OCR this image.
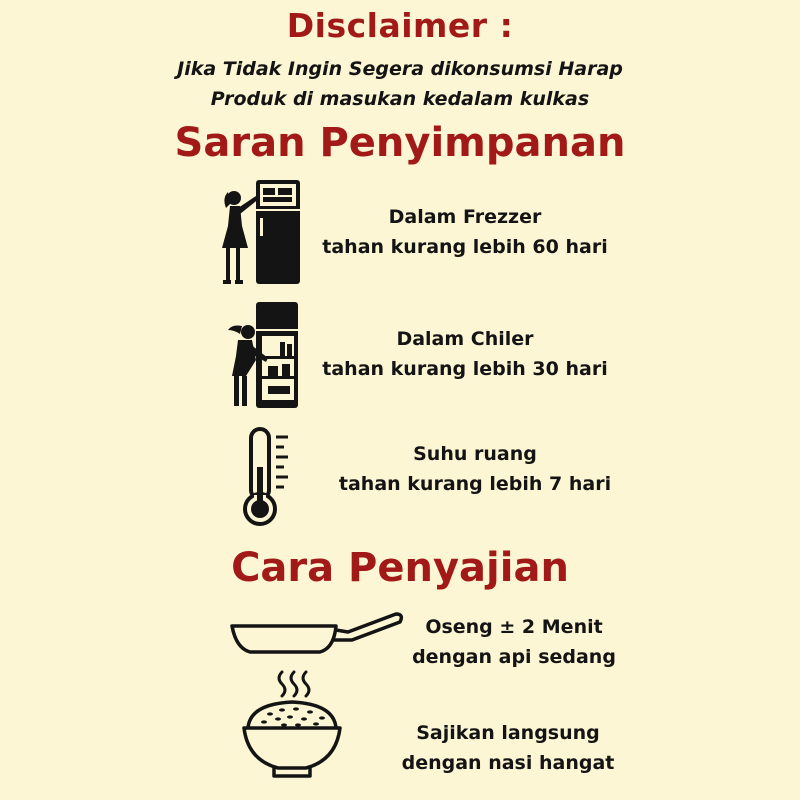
Disclaimer :
Jika Tidak Ingin Segera dikonsumsi Harap
Produk di masukan kedalam kulkas
Saran Penyimpanan
Dalam Frezzer
tahan kurang lebih 60 hari
Dalam Chiler
tahan kurang lebih 30 hari
Suhu ruang
tahan kurang lebih 7 hari
Cara Penyajian
Oseng ± 2 Menit
dengan api sedang
Sajikan langsung
dengan nasi hangat
